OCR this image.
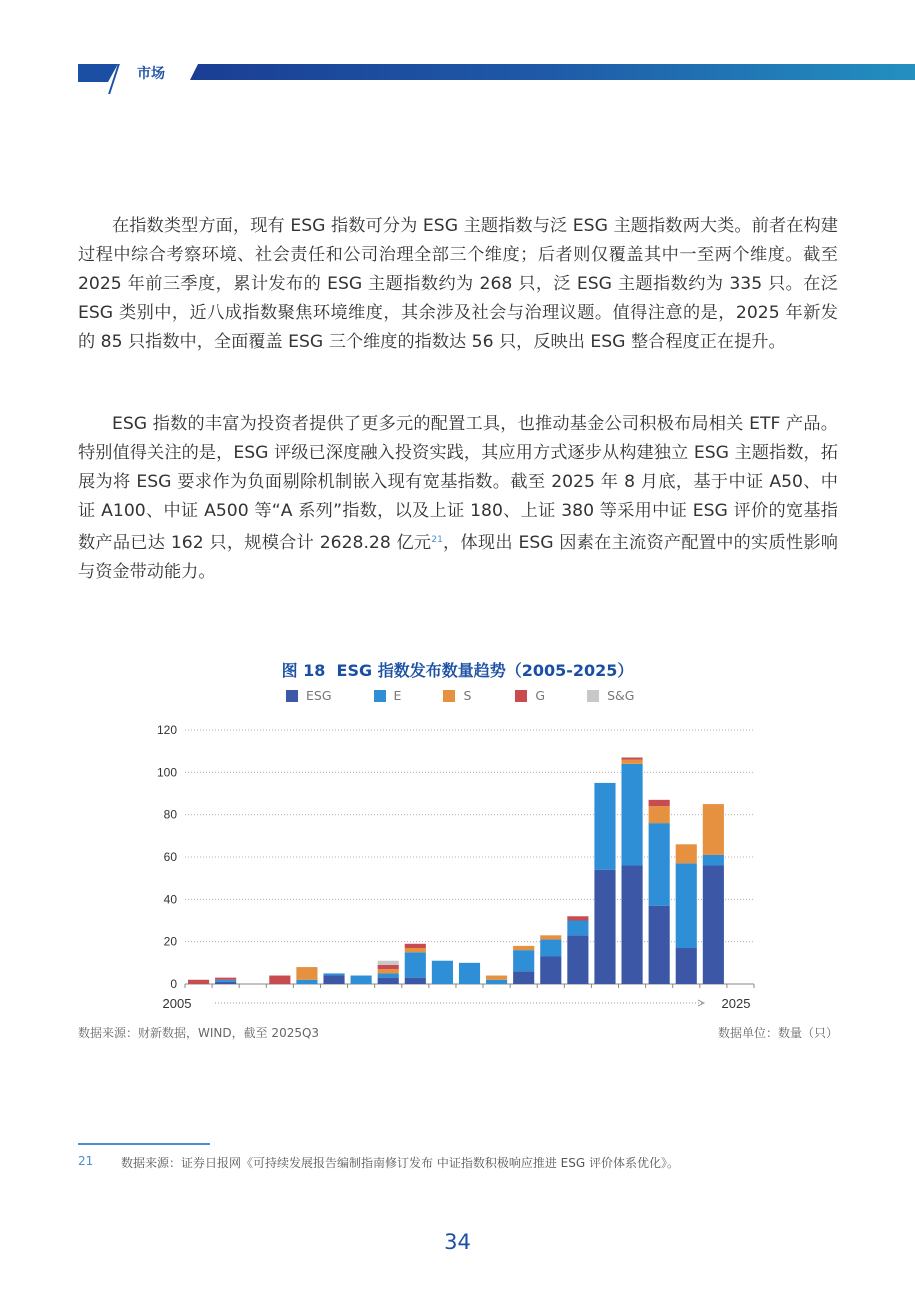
市场

在指数类型方面，现有 ESG 指数可分为 ESG 主题指数与泛 ESG 主题指数两大类。前者在构建过程中综合考察环境、社会责任和公司治理全部三个维度；后者则仅覆盖其中一至两个维度。截至 2025 年前三季度，累计发布的 ESG 主题指数约为 268 只，泛 ESG 主题指数约为 335 只。在泛 ESG 类别中，近八成指数聚焦环境维度，其余涉及社会与治理议题。值得注意的是，2025 年新发的 85 只指数中，全面覆盖 ESG 三个维度的指数达 56 只，反映出 ESG 整合程度正在提升。

ESG 指数的丰富为投资者提供了更多元的配置工具，也推动基金公司积极布局相关 ETF 产品。特别值得关注的是，ESG 评级已深度融入投资实践，其应用方式逐步从构建独立 ESG 主题指数，拓展为将 ESG 要求作为负面剔除机制嵌入现有宽基指数。截至 2025 年 8 月底，基于中证 A50、中证 A100、中证 A500 等“A 系列”指数，以及上证 180、上证 380 等采用中证 ESG 评价的宽基指数产品已达 162 只，规模合计 2628.28 亿元$^{21}$，体现出 ESG 因素在主流资产配置中的实质性影响与资金带动能力。

图 18 ESG 指数发布数量趋势（2005-2025）
ESG	E	S	G	S&G
0
20
40
60
80
100
120
2005	2025
数据来源：财新数据，WIND，截至 2025Q3	数据单位：数量（只）
21 数据来源：证券日报网《可持续发展报告编制指南修订发布 中证指数积极响应推进 ESG 评价体系优化》。
34
